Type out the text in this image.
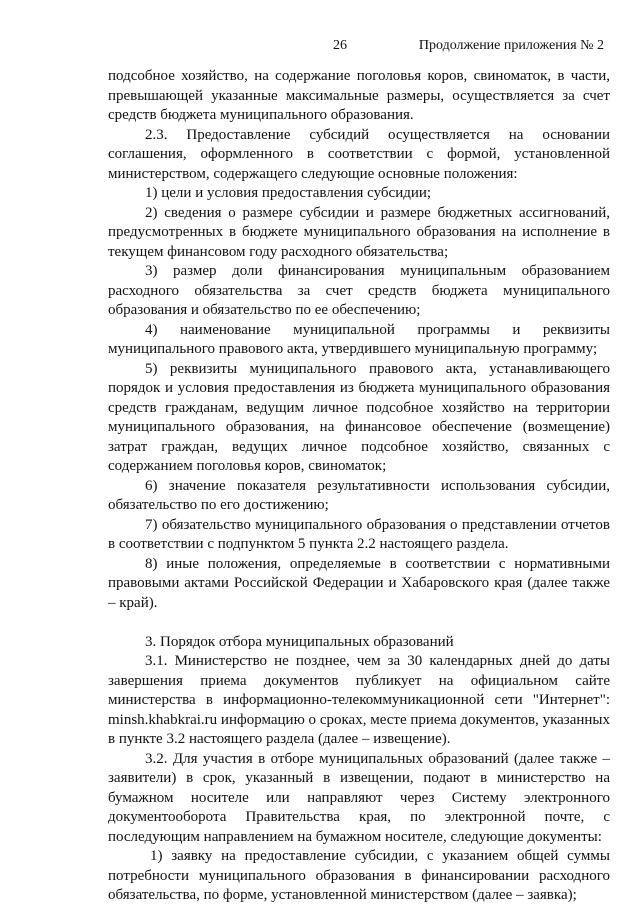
26	Продолжение приложения № 2

подсобное хозяйство, на содержание поголовья коров, свиноматок, в части, превышающей указанные максимальные размеры, осуществляется за счет средств бюджета муниципального образования.

2.3. Предоставление субсидий осуществляется на основании соглашения, оформленного в соответствии с формой, установленной министерством, содержащего следующие основные положения:

1) цели и условия предоставления субсидии;

2) сведения о размере субсидии и размере бюджетных ассигнований, предусмотренных в бюджете муниципального образования на исполнение в текущем финансовом году расходного обязательства;

3) размер доли финансирования муниципальным образованием расходного обязательства за счет средств бюджета муниципального образования и обязательство по ее обеспечению;

4) наименование муниципальной программы и реквизиты муниципального правового акта, утвердившего муниципальную программу;

5) реквизиты муниципального правового акта, устанавливающего порядок и условия предоставления из бюджета муниципального образования средств гражданам, ведущим личное подсобное хозяйство на территории муниципального образования, на финансовое обеспечение (возмещение) затрат граждан, ведущих личное подсобное хозяйство, связанных с содержанием поголовья коров, свиноматок;

6) значение показателя результативности использования субсидии, обязательство по его достижению;

7) обязательство муниципального образования о представлении отчетов в соответствии с подпунктом 5 пункта 2.2 настоящего раздела.

8) иные положения, определяемые в соответствии с нормативными правовыми актами Российской Федерации и Хабаровского края (далее также – край).

3. Порядок отбора муниципальных образований

3.1. Министерство не позднее, чем за 30 календарных дней до даты завершения приема документов публикует на официальном сайте министерства в информационно-телекоммуникационной сети "Интернет": minsh.khabkrai.ru информацию о сроках, месте приема документов, указанных в пункте 3.2 настоящего раздела (далее – извещение).

3.2. Для участия в отборе муниципальных образований (далее также – заявители) в срок, указанный в извещении, подают в министерство на бумажном носителе или направляют через Систему электронного документооборота Правительства края, по электронной почте, с последующим направлением на бумажном носителе, следующие документы:

1) заявку на предоставление субсидии, с указанием общей суммы потребности муниципального образования в финансировании расходного обязательства, по форме, установленной министерством (далее – заявка);
